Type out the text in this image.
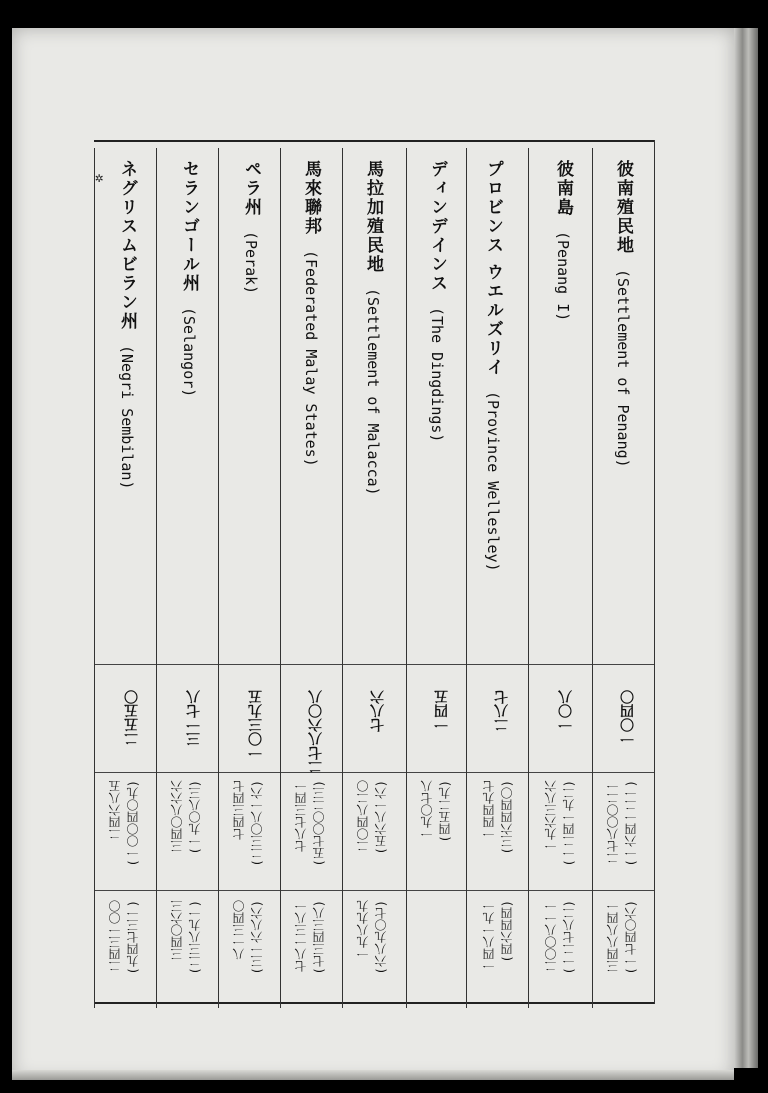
✲	彼南殖民地(Settlement of Penang)
一〇四〇
二七八〇〇二一 (一六四一二一)
三四八八四一 (一七四〇六)
彼南島(Penang I)
一〇八
一九六三八六 (一二四一九二)
二〇〇八一一 (一二七八二)
プロビンス ウエルズリイ(Province Wellesley)
二八七
一四四九七 (三六四四〇)
一四八一九一 (四六四四)
ディンデインス(The Dingdings)
一四五
一九〇七八 (四五二九)
馬拉加殖民地(Settlement of Malacca)
七八六
二〇四八二〇 (五六八一六)
一九八九九 (六八九〇七)
馬來聯邦(Federated Malay States)
二七八六〇八
七八七三四一 (五七〇〇二三)
七八一三八一 (七三四三八)
ペラ州(Perak)
一〇三九五
七四三四七 (二三〇八一六)
八一三四〇 (三一六八六)
セランゴール州(Selangor)
三一七八
三四〇八六六 (一九〇八三)
三四〇六三 (二三八九一)
ネグリスムビラン州(Negri Sembilan)
二五五〇
二四六八五 (一〇〇四〇九)
二四三一〇〇 (九四七三一)
